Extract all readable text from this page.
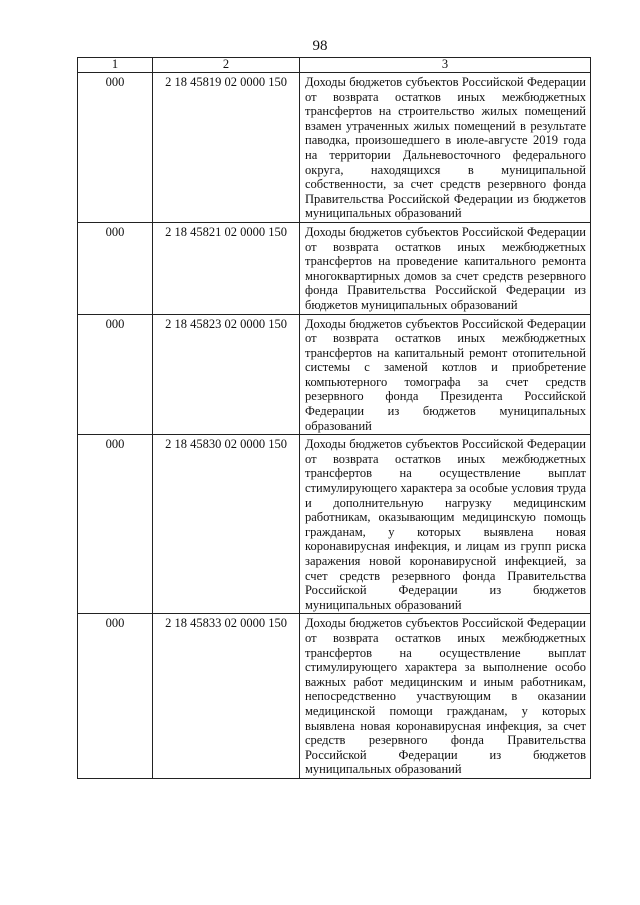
98
1	2	3
000	2 18 45819 02 0000 150	Доходы бюджетов субъектов Российской Федерации от возврата остатков иных межбюджетных трансфертов на строительство жилых помещений взамен утраченных жилых помещений в результате паводка, произошедшего в июле-августе 2019 года на территории Дальневосточного федерального округа, находящихся в муниципальной собственности, за счет средств резервного фонда Правительства Российской Федерации из бюджетов муниципальных образований
000	2 18 45821 02 0000 150	Доходы бюджетов субъектов Российской Федерации от возврата остатков иных межбюджетных трансфертов на проведение капитального ремонта многоквартирных домов за счет средств резервного фонда Правительства Российской Федерации из бюджетов муниципальных образований
000	2 18 45823 02 0000 150	Доходы бюджетов субъектов Российской Федерации от возврата остатков иных межбюджетных трансфертов на капитальный ремонт отопительной системы с заменой котлов и приобретение компьютерного томографа за счет средств резервного фонда Президента Российской Федерации из бюджетов муниципальных образований
000	2 18 45830 02 0000 150	Доходы бюджетов субъектов Российской Федерации от возврата остатков иных межбюджетных трансфертов на осуществление выплат стимулирующего характера за особые условия труда и дополнительную нагрузку медицинским работникам, оказывающим медицинскую помощь гражданам, у которых выявлена новая коронавирусная инфекция, и лицам из групп риска заражения новой коронавирусной инфекцией, за счет средств резервного фонда Правительства Российской Федерации из бюджетов муниципальных образований
000	2 18 45833 02 0000 150	Доходы бюджетов субъектов Российской Федерации от возврата остатков иных межбюджетных трансфертов на осуществление выплат стимулирующего характера за выполнение особо важных работ медицинским и иным работникам, непосредственно участвующим в оказании медицинской помощи гражданам, у которых выявлена новая коронавирусная инфекция, за счет средств резервного фонда Правительства Российской Федерации из бюджетов муниципальных образований
